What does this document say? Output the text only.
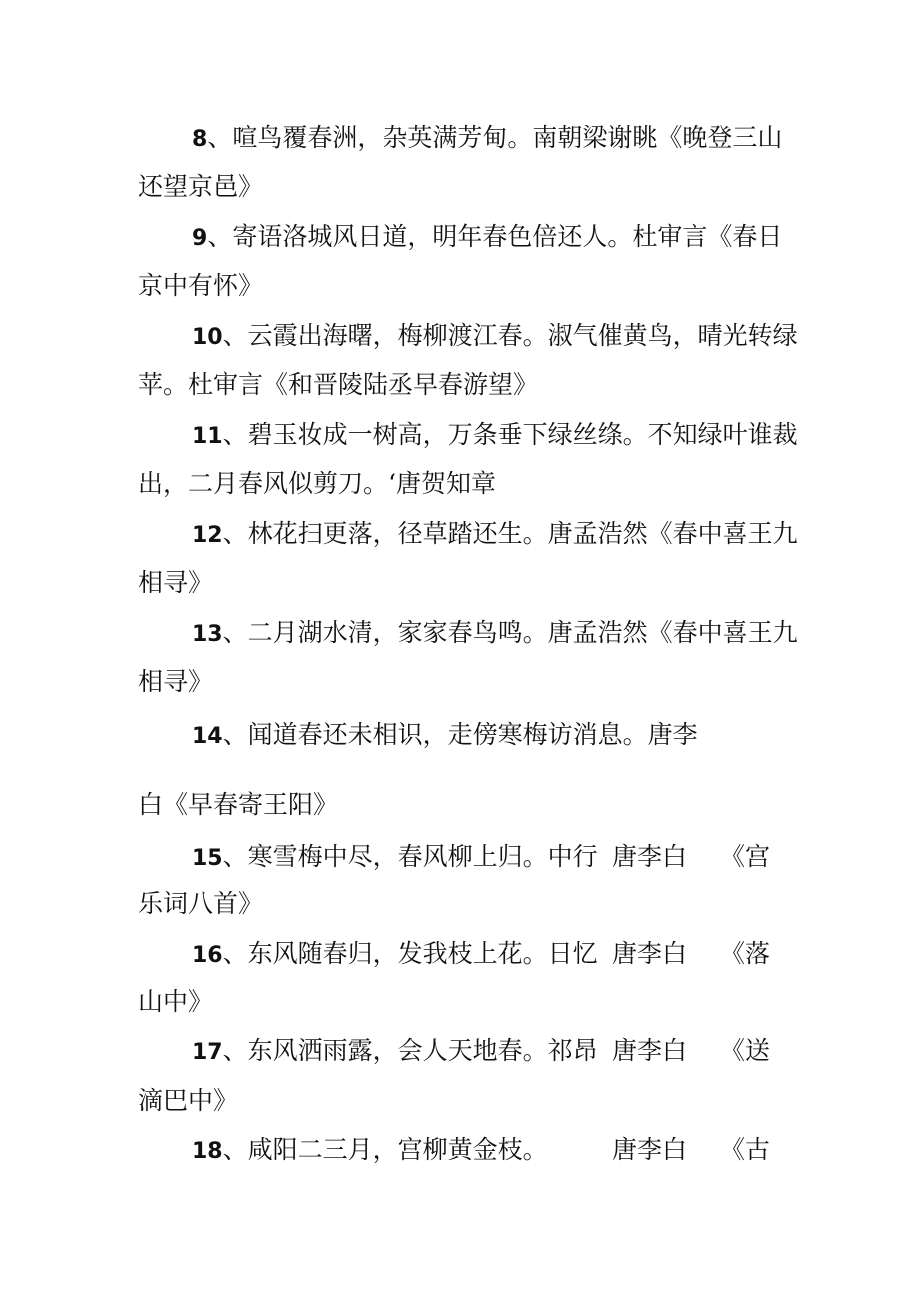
8、喧鸟覆春洲，杂英满芳甸。南朝梁谢眺《晚登三山
还望京邑》
9、寄语洛城风日道，明年春色倍还人。杜审言《春日
京中有怀》
10、云霞出海曙，梅柳渡江春。淑气催黄鸟，晴光转绿
苹。杜审言《和晋陵陆丞早春游望》
11、碧玉妆成一树高，万条垂下绿丝绦。不知绿叶谁裁
出，二月春风似剪刀。‘唐贺知章
12、林花扫更落，径草踏还生。唐孟浩然《春中喜王九
相寻》
13、二月湖水清，家家春鸟鸣。唐孟浩然《春中喜王九
相寻》
14、闻道春还未相识，走傍寒梅访消息。唐李
白《早春寄王阳》
15、寒雪梅中尽，春风柳上归。中行 唐李白 《宫
乐词八首》
16、东风随春归，发我枝上花。日忆 唐李白 《落
山中》
17、东风洒雨露，会人天地春。祁昂 唐李白 《送
滴巴中》
18、咸阳二三月，宫柳黄金枝。	唐李白 《古
